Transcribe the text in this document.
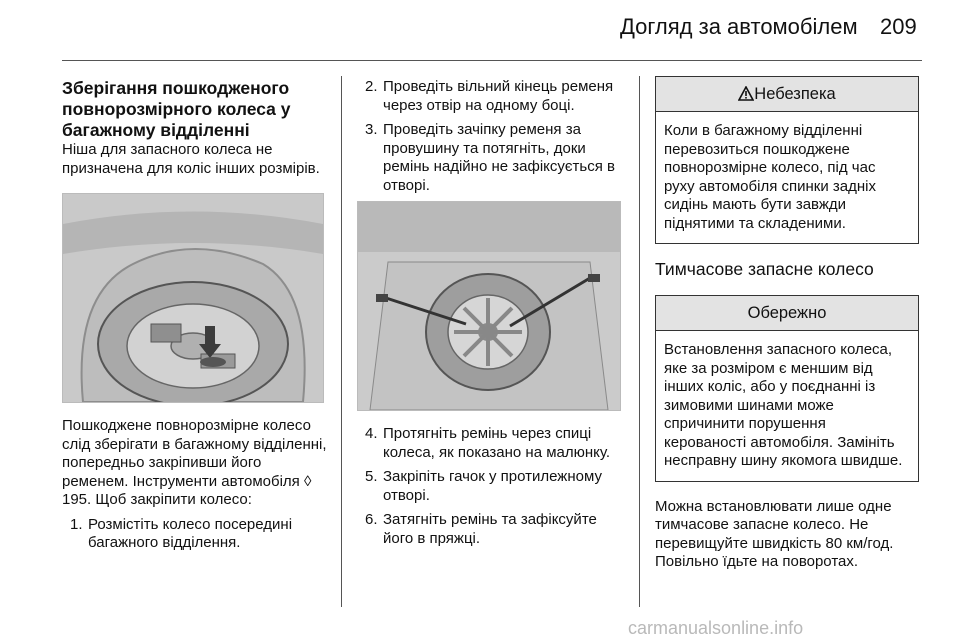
Догляд за автомобілем 209
Зберігання пошкодженого повнорозмірного колеса у багажному відділенні

Ніша для запасного колеса не призначена для коліс інших розмірів.

Пошкоджене повнорозмірне колесо слід зберігати в багажному відділенні, попередньо закріпивши його ременем. Інструменти автомобіля ◊ 195. Щоб закріпити колесо:

1. Розмістіть колесо посередині багажного відділення.
2. Проведіть вільний кінець ременя через отвір на одному боці.
3. Проведіть зачіпку ременя за провушину та потягніть, доки ремінь надійно не зафіксується в отворі.
4. Протягніть ремінь через спиці колеса, як показано на малюнку.
5. Закріпіть гачок у протилежному отворі.
6. Затягніть ремінь та зафіксуйте його в пряжці.
Небезпека
Коли в багажному відділенні перевозиться пошкоджене повнорозмірне колесо, під час руху автомобіля спинки задніх сидінь мають бути завжди піднятими та складеними.
Тимчасове запасне колесо
Обережно
Встановлення запасного колеса, яке за розміром є меншим від інших коліс, або у поєднанні із зимовими шинами може спричинити порушення керованості автомобіля. Замініть несправну шину якомога швидше.

Можна встановлювати лише одне тимчасове запасне колесо. Не перевищуйте швидкість 80 км/год. Повільно їдьте на поворотах.

carmanualsonline.info
